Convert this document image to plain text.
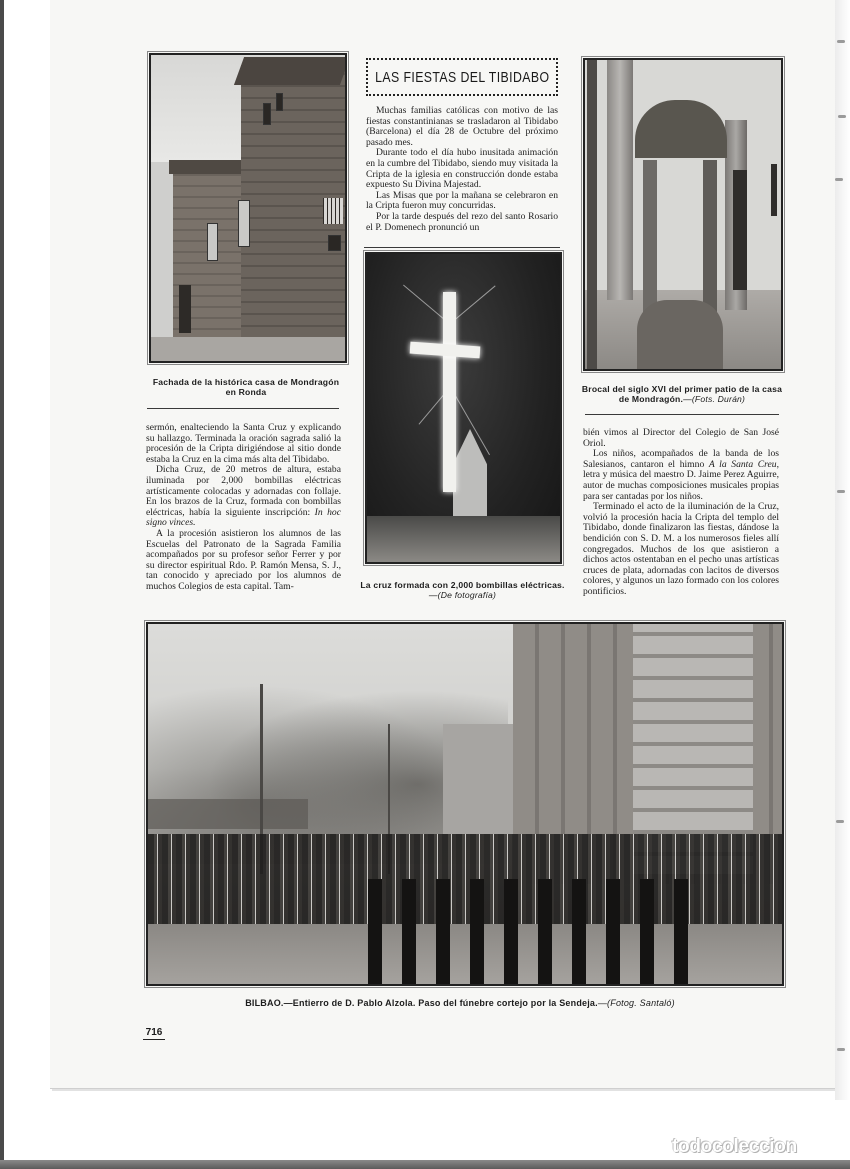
LAS FIESTAS DEL TIBIDABO

Muchas familias católicas con motivo de las fiestas constantinianas se trasladaron al Tibidabo (Barcelona) el día 28 de Octubre del próximo pasado mes.

Durante todo el día hubo inusitada animación en la cumbre del Tibidabo, siendo muy visitada la Cripta de la iglesia en construcción donde estaba expuesto Su Divina Majestad.

Las Misas que por la mañana se celebraron en la Cripta fueron muy concurridas.

Por la tarde después del rezo del santo Rosario el P. Domenech pronunció un

Fachada de la histórica casa de Mondragón en Ronda	Brocal del siglo XVI del primer patio de la casa de Mondragón.—(Fots. Durán)
La cruz formada con 2,000 bombillas eléctricas.—(De fotografía)

sermón, enalteciendo la Santa Cruz y explicando su hallazgo. Terminada la oración sagrada salió la procesión de la Cripta dirigiéndose al sitio donde estaba la Cruz en la cima más alta del Tibidabo.

Dicha Cruz, de 20 metros de altura, estaba iluminada por 2,000 bombillas eléctricas artísticamente colocadas y adornadas con follaje. En los brazos de la Cruz, formada con bombillas eléctricas, había la siguiente inscripción: In hoc signo vinces.

A la procesión asistieron los alumnos de las Escuelas del Patronato de la Sagrada Familia acompañados por su profesor señor Ferrer y por su director espiritual Rdo. P. Ramón Mensa, S. J., tan conocido y apreciado por los alumnos de muchos Colegios de esta capital. Tam-

bién vimos al Director del Colegio de San José Oriol.

Los niños, acompañados de la banda de los Salesianos, cantaron el himno A la Santa Creu, letra y música del maestro D. Jaime Perez Aguirre, autor de muchas composiciones musicales propias para ser cantadas por los niños.

Terminado el acto de la iluminación de la Cruz, volvió la procesión hacia la Cripta del templo del Tibidabo, donde finalizaron las fiestas, dándose la bendición con S. D. M. a los numerosos fieles allí congregados. Muchos de los que asistieron a dichos actos ostentaban en el pecho unas artísticas cruces de plata, adornadas con lacitos de diversos colores, y algunos un lazo formado con los colores pontificios.

BILBAO.—Entierro de D. Pablo Alzola. Paso del fúnebre cortejo por la Sendeja.—(Fotog. Santaló)
716
todocoleccion
